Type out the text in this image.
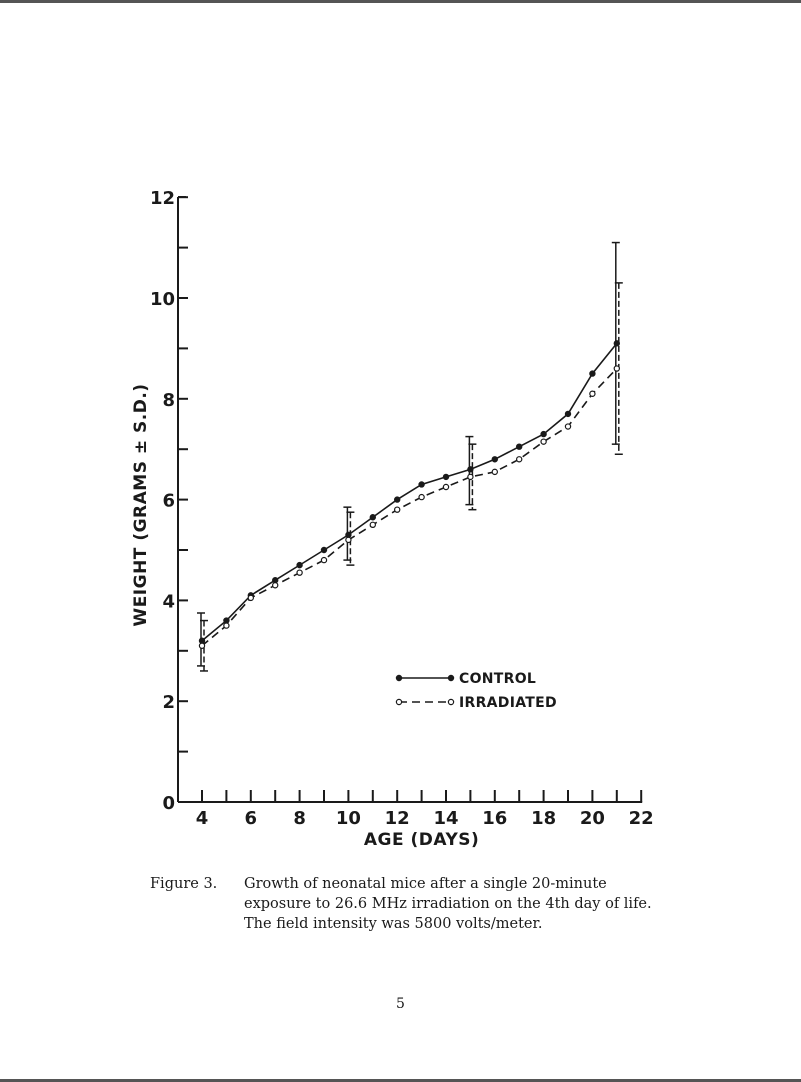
0
2
4
6
8
10
12
4 6 8 10 12 14 16 18 20 22
CONTROL
IRRADIATED
AGE (DAYS)
WEIGHT (GRAMS ± S.D.)
Figure 3.	Growth of neonatal mice after a single 20-minute exposure to 26.6 MHz irradiation on the 4th day of life. The field intensity was 5800 volts/meter.
5
